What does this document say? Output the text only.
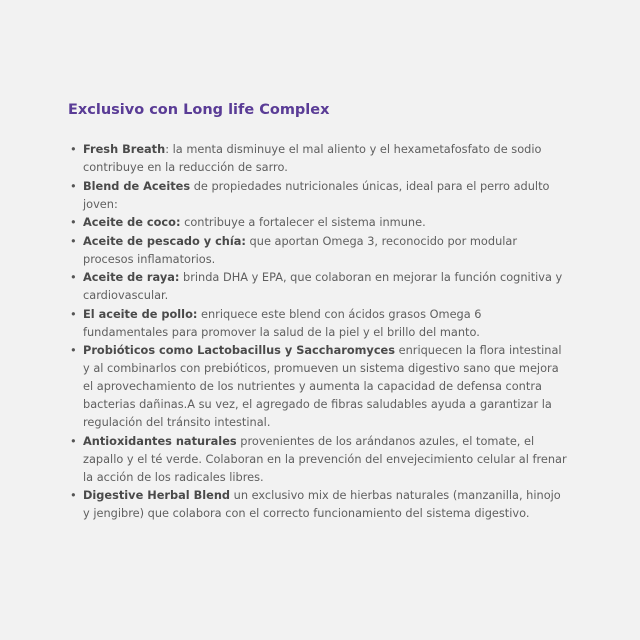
Exclusivo con Long life Complex
• Fresh Breath: la menta disminuye el mal aliento y el hexametafosfato de sodio contribuye en la reducción de sarro.
• Blend de Aceites de propiedades nutricionales únicas, ideal para el perro adulto joven:
• Aceite de coco: contribuye a fortalecer el sistema inmune.
• Aceite de pescado y chía: que aportan Omega 3, reconocido por modular procesos inflamatorios.
• Aceite de raya: brinda DHA y EPA, que colaboran en mejorar la función cognitiva y cardiovascular.
• El aceite de pollo: enriquece este blend con ácidos grasos Omega 6 fundamentales para promover la salud de la piel y el brillo del manto.
• Probióticos como Lactobacillus y Saccharomyces enriquecen la flora intestinal y al combinarlos con prebióticos, promueven un sistema digestivo sano que mejora el aprovechamiento de los nutrientes y aumenta la capacidad de defensa contra bacterias dañinas.A su vez, el agregado de fibras saludables ayuda a garantizar la regulación del tránsito intestinal.
• Antioxidantes naturales provenientes de los arándanos azules, el tomate, el zapallo y el té verde. Colaboran en la prevención del envejecimiento celular al frenar la acción de los radicales libres.
• Digestive Herbal Blend un exclusivo mix de hierbas naturales (manzanilla, hinojo y jengibre) que colabora con el correcto funcionamiento del sistema digestivo.
